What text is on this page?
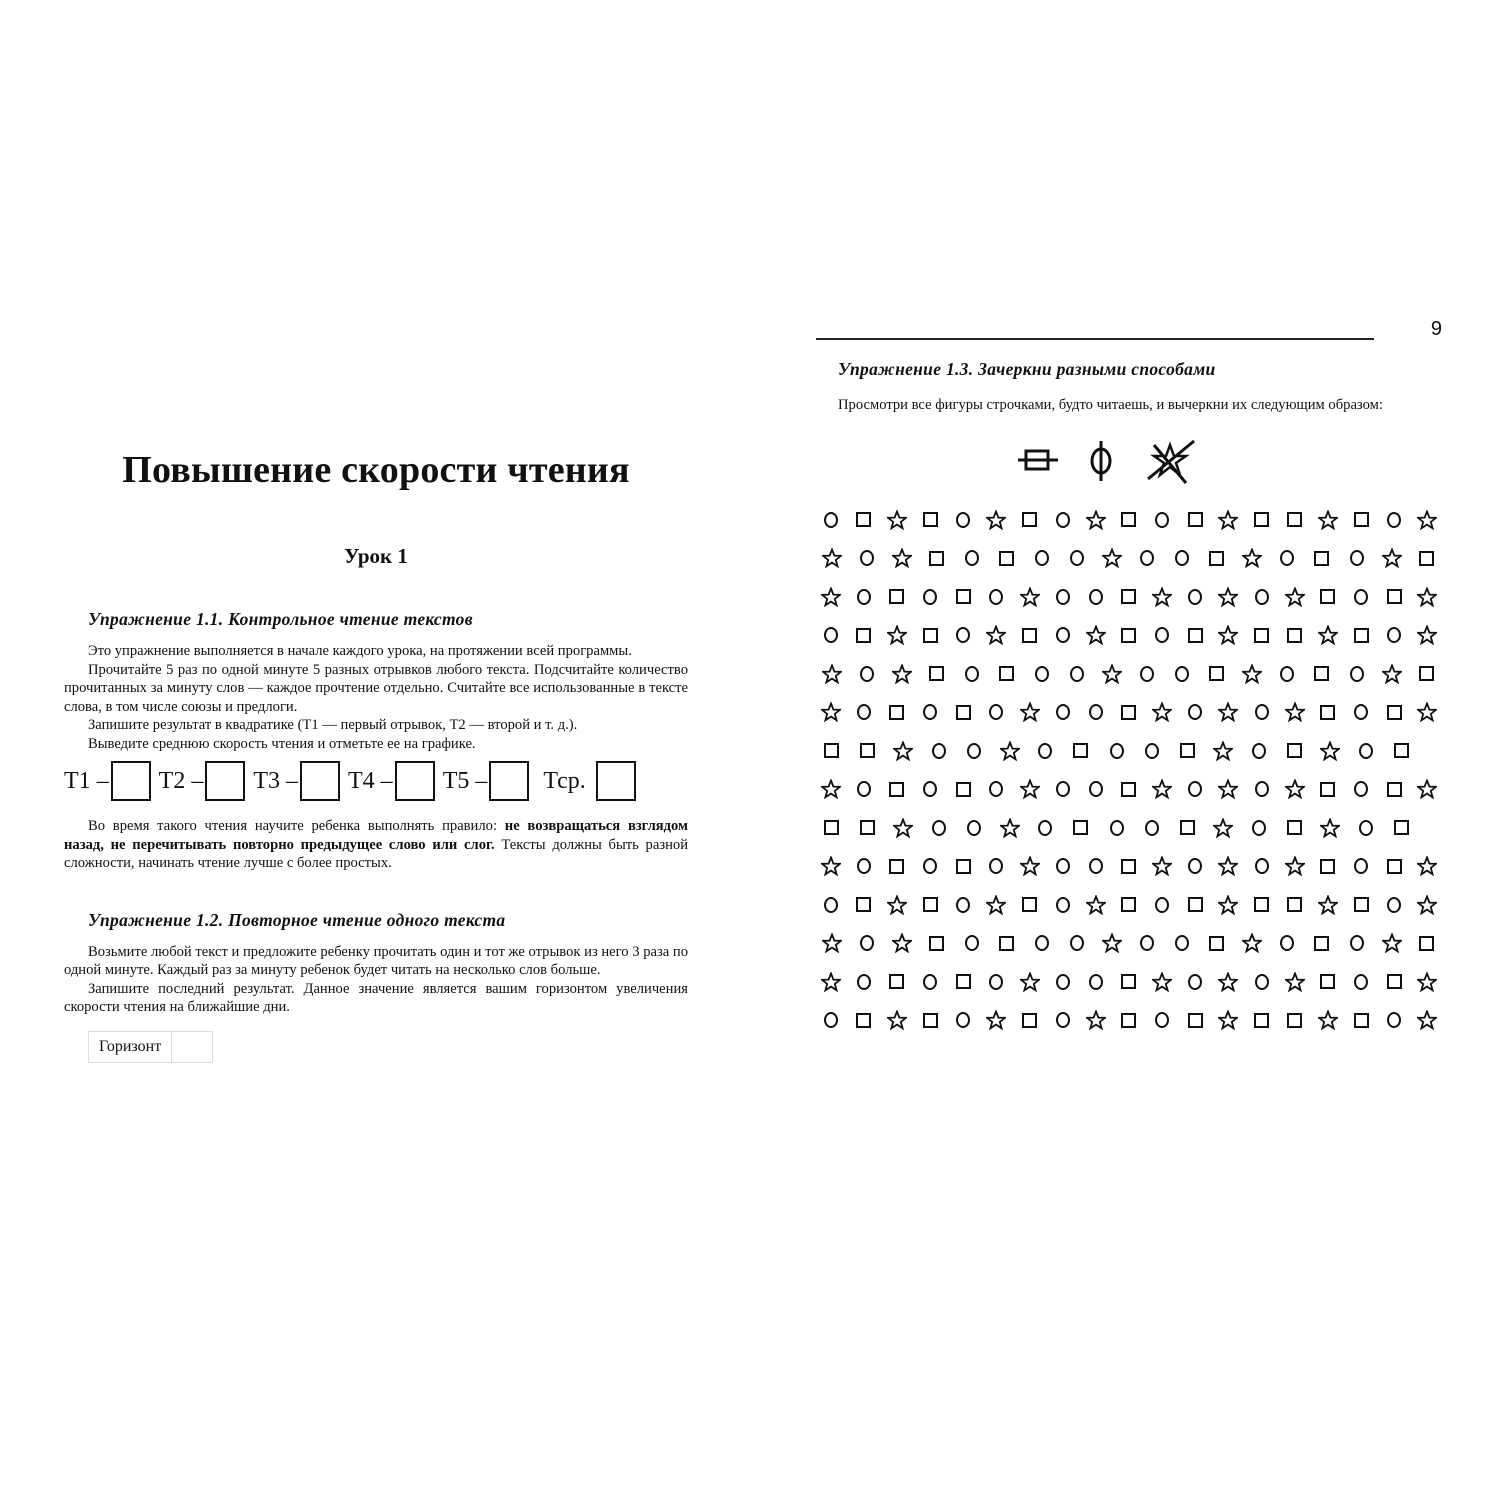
Повышение скорости чтения
Урок 1
Упражнение 1.1. Контрольное чтение текстов

Это упражнение выполняется в начале каждого урока, на протяжении всей программы.

Прочитайте 5 раз по одной минуте 5 разных отрывков любого текста. Подсчитайте количество прочитанных за минуту слов — каждое прочтение отдельно. Считайте все использованные в тексте слова, в том числе союзы и предлоги.

Запишите результат в квадратике (Т1 — первый отрывок, Т2 — второй и т. д.).

Выведите среднюю скорость чтения и отметьте ее на графике.

Т1 – Т2 – Т3 – Т4 – Т5 – Тср.

Во время такого чтения научите ребенка выполнять правило: не возвращаться взглядом назад, не перечитывать повторно предыдущее слово или слог. Тексты должны быть разной сложности, начинать чтение лучше с более простых.

Упражнение 1.2. Повторное чтение одного текста

Возьмите любой текст и предложите ребенку прочитать один и тот же отрывок из него 3 раза по одной минуте. Каждый раз за минуту ребенок будет читать на несколько слов больше.

Запишите последний результат. Данное значение является вашим горизонтом увеличения скорости чтения на ближайшие дни.

Горизонт
9
Упражнение 1.3. Зачеркни разными способами

Просмотри все фигуры строчками, будто читаешь, и вычеркни их следующим образом:
